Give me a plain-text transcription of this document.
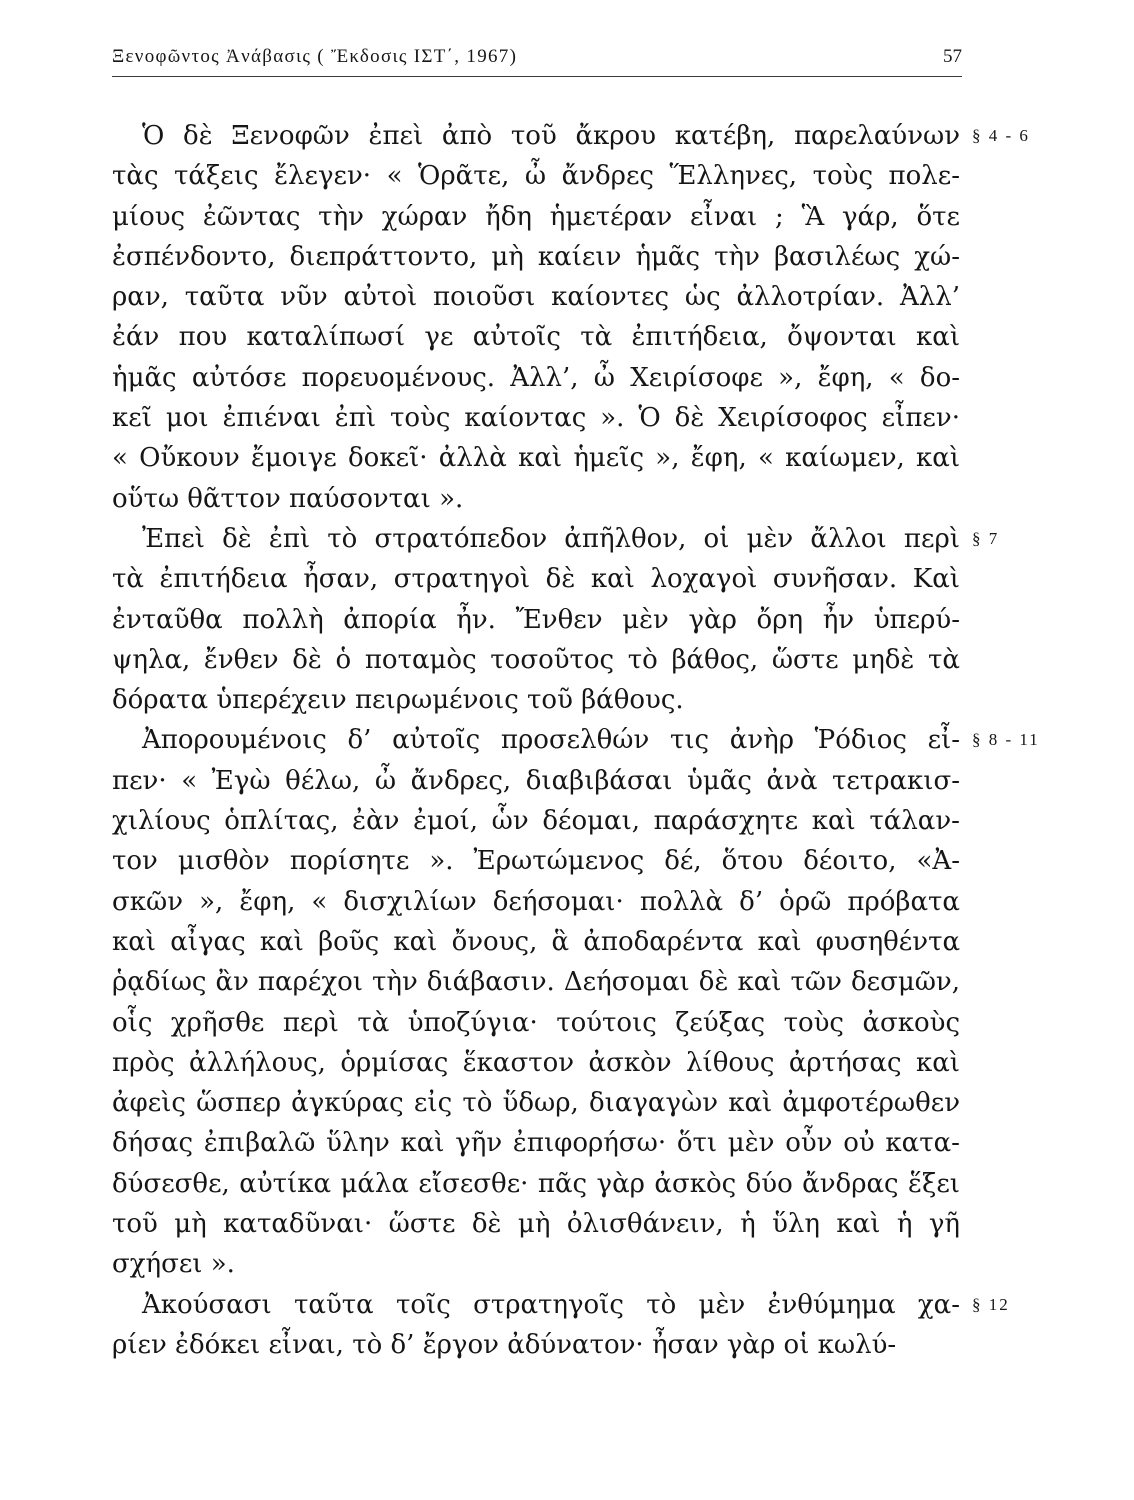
Ξενοφῶντος Ἀνάβασις ( Ἔκδοσις ΙΣΤ΄, 1967)	57
Ὁ δὲ Ξενοφῶν ἐπεὶ ἀπὸ τοῦ ἄκρου κατέβη, παρελαύνων § 4 - 6
τὰς τάξεις ἔλεγεν· « Ὁρᾶτε, ὦ ἄνδρες Ἕλληνες, τοὺς πολε-
μίους ἐῶντας τὴν χώραν ἤδη ἡμετέραν εἶναι ; Ἃ γάρ, ὅτε
ἐσπένδοντο, διεπράττοντο, μὴ καίειν ἡμᾶς τὴν βασιλέως χώ-
ραν, ταῦτα νῦν αὐτοὶ ποιοῦσι καίοντες ὡς ἀλλοτρίαν. Ἀλλ’
ἐάν που καταλίπωσί γε αὐτοῖς τὰ ἐπιτήδεια, ὄψονται καὶ
ἡμᾶς αὐτόσε πορευομένους. Ἀλλ’, ὦ Χειρίσοφε », ἔφη, « δο-
κεῖ μοι ἐπιέναι ἐπὶ τοὺς καίοντας ». Ὁ δὲ Χειρίσοφος εἶπεν·
« Οὔκουν ἔμοιγε δοκεῖ· ἀλλὰ καὶ ἡμεῖς », ἔφη, « καίωμεν, καὶ
οὕτω θᾶττον παύσονται ».
Ἐπεὶ δὲ ἐπὶ τὸ στρατόπεδον ἀπῆλθον, οἱ μὲν ἄλλοι περὶ § 7
τὰ ἐπιτήδεια ἦσαν, στρατηγοὶ δὲ καὶ λοχαγοὶ συνῆσαν. Καὶ
ἐνταῦθα πολλὴ ἀπορία ἦν. Ἔνθεν μὲν γὰρ ὄρη ἦν ὑπερύ-
ψηλα, ἔνθεν δὲ ὁ ποταμὸς τοσοῦτος τὸ βάθος, ὥστε μηδὲ τὰ
δόρατα ὑπερέχειν πειρωμένοις τοῦ βάθους.
Ἀπορουμένοις δ’ αὐτοῖς προσελθών τις ἀνὴρ Ῥόδιος εἶ- § 8 - 11
πεν· « Ἐγὼ θέλω, ὦ ἄνδρες, διαβιβάσαι ὑμᾶς ἀνὰ τετρακισ-
χιλίους ὁπλίτας, ἐὰν ἐμοί, ὧν δέομαι, παράσχητε καὶ τάλαν-
τον μισθὸν πορίσητε ». Ἐρωτώμενος δέ, ὅτου δέοιτο, «Ἀ-
σκῶν », ἔφη, « δισχιλίων δεήσομαι· πολλὰ δ’ ὁρῶ πρόβατα
καὶ αἶγας καὶ βοῦς καὶ ὄνους, ἃ ἀποδαρέντα καὶ φυσηθέντα
ῥᾳδίως ἂν παρέχοι τὴν διάβασιν. Δεήσομαι δὲ καὶ τῶν δεσμῶν,
οἷς χρῆσθε περὶ τὰ ὑποζύγια· τούτοις ζεύξας τοὺς ἀσκοὺς
πρὸς ἀλλήλους, ὁρμίσας ἕκαστον ἀσκὸν λίθους ἀρτήσας καὶ
ἀφεὶς ὥσπερ ἀγκύρας εἰς τὸ ὕδωρ, διαγαγὼν καὶ ἀμφοτέρωθεν
δήσας ἐπιβαλῶ ὕλην καὶ γῆν ἐπιφορήσω· ὅτι μὲν οὖν οὐ κατα-
δύσεσθε, αὐτίκα μάλα εἴσεσθε· πᾶς γὰρ ἀσκὸς δύο ἄνδρας ἕξει
τοῦ μὴ καταδῦναι· ὥστε δὲ μὴ ὀλισθάνειν, ἡ ὕλη καὶ ἡ γῆ
σχήσει ».
Ἀκούσασι ταῦτα τοῖς στρατηγοῖς τὸ μὲν ἐνθύμημα χα- § 12
ρίεν ἐδόκει εἶναι, τὸ δ’ ἔργον ἀδύνατον· ἦσαν γὰρ οἱ κωλύ-
